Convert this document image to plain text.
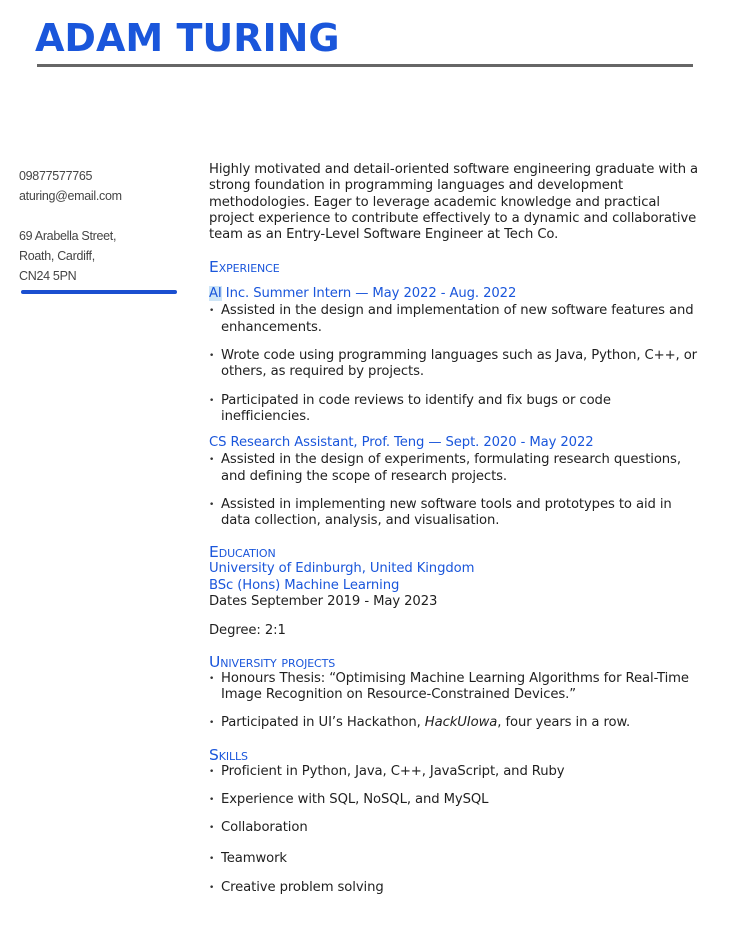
ADAM TURING
09877577765
aturing@email.com
69 Arabella Street,
Roath, Cardiff,
CN24 5PN

Highly motivated and detail-oriented software engineering graduate with a strong foundation in programming languages and development methodologies. Eager to leverage academic knowledge and practical project experience to contribute effectively to a dynamic and collaborative team as an Entry-Level Software Engineer at Tech Co.

Experience
AI Inc. Summer Intern — May 2022 - Aug. 2022
• Assisted in the design and implementation of new software features and enhancements.
• Wrote code using programming languages such as Java, Python, C++, or others, as required by projects.
• Participated in code reviews to identify and fix bugs or code inefficiencies.
CS Research Assistant, Prof. Teng — Sept. 2020 - May 2022
• Assisted in the design of experiments, formulating research questions, and defining the scope of research projects.
• Assisted in implementing new software tools and prototypes to aid in data collection, analysis, and visualisation.
Education
University of Edinburgh, United Kingdom
BSc (Hons) Machine Learning
Dates September 2019 - May 2023
Degree: 2:1
University projects
• Honours Thesis: “Optimising Machine Learning Algorithms for Real-Time Image Recognition on Resource-Constrained Devices.”
• Participated in UI’s Hackathon, HackUIowa, four years in a row.
Skills
• Proficient in Python, Java, C++, JavaScript, and Ruby
• Experience with SQL, NoSQL, and MySQL
• Collaboration
• Teamwork
• Creative problem solving
